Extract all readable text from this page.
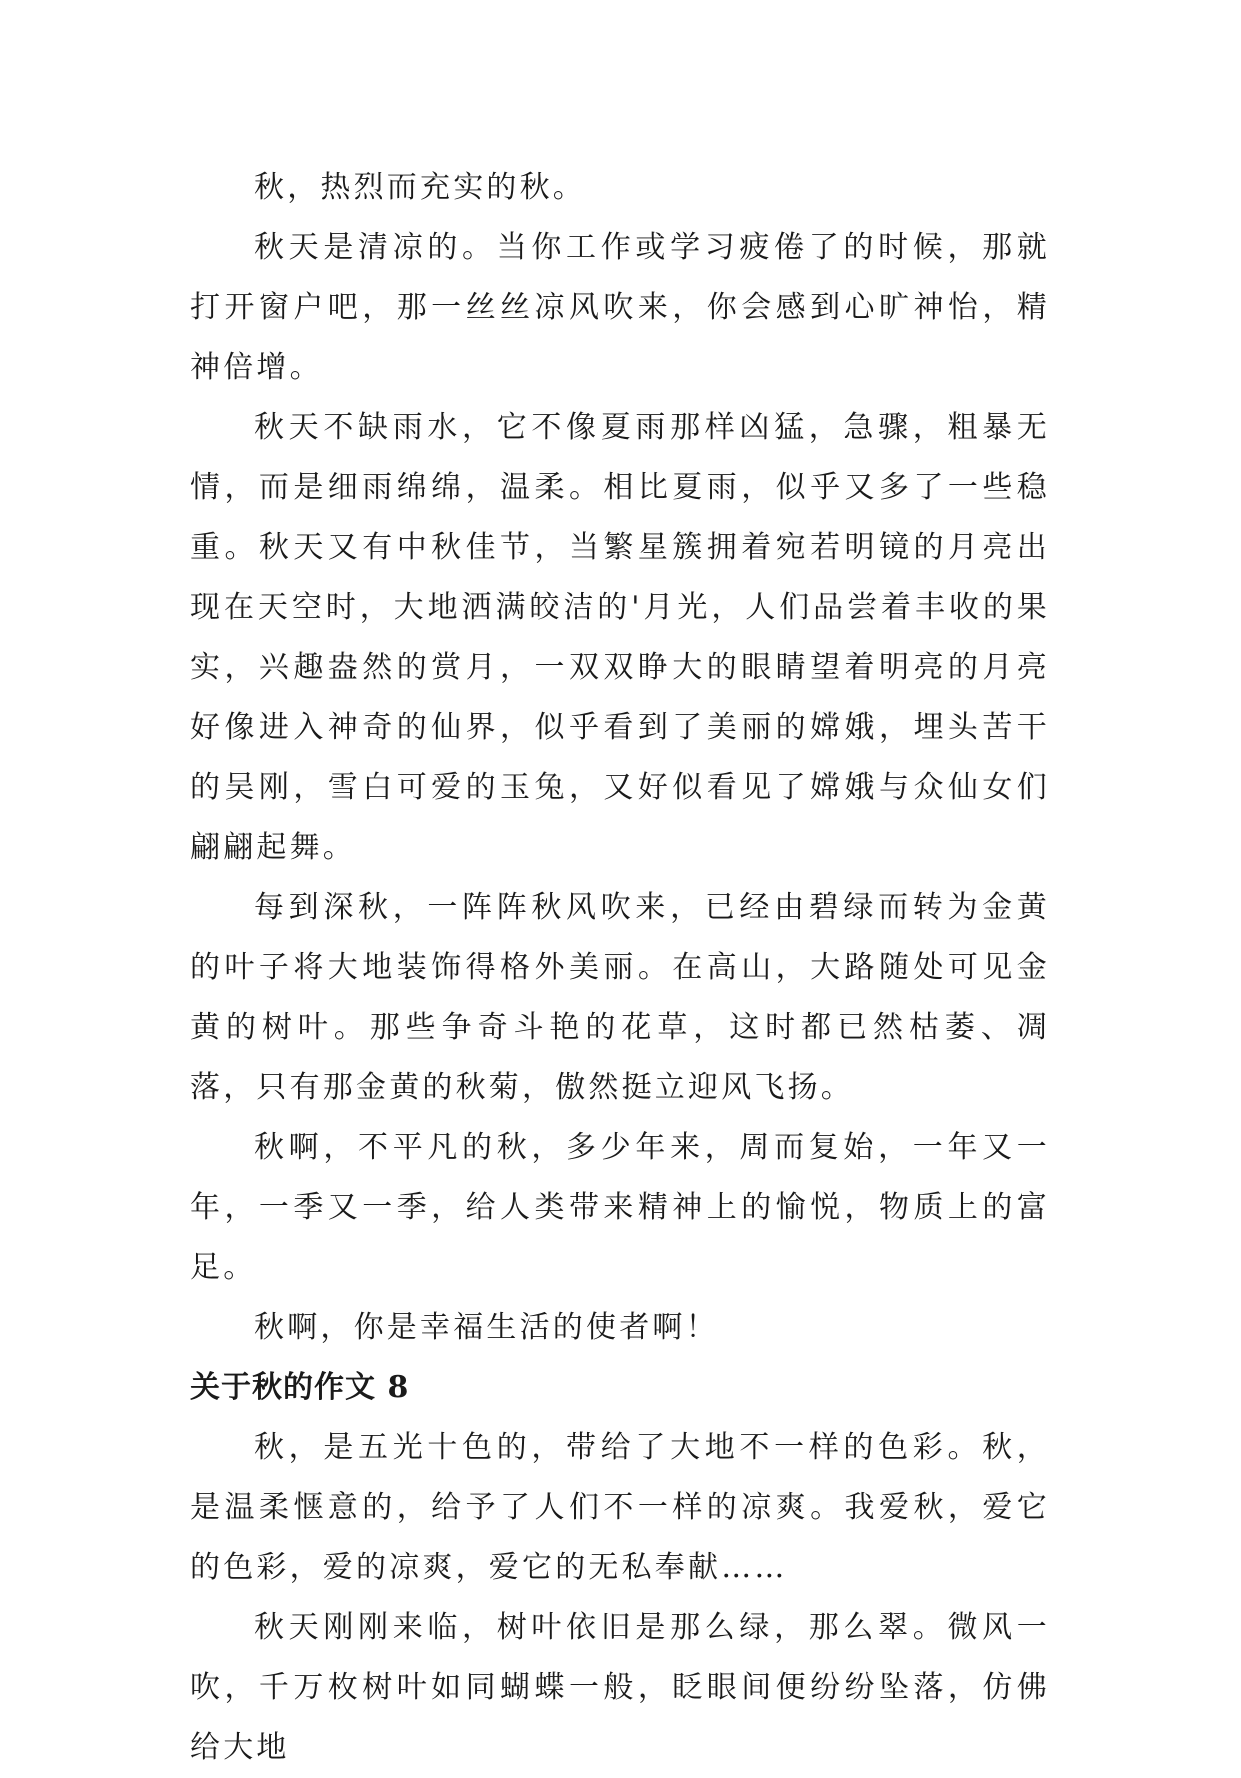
秋，热烈而充实的秋。

秋天是清凉的。当你工作或学习疲倦了的时候，那就打开窗户吧，那一丝丝凉风吹来，你会感到心旷神怡，精神倍增。

秋天不缺雨水，它不像夏雨那样凶猛，急骤，粗暴无情，而是细雨绵绵，温柔。相比夏雨，似乎又多了一些稳重。秋天又有中秋佳节，当繁星簇拥着宛若明镜的月亮出现在天空时，大地洒满皎洁的'月光，人们品尝着丰收的果实，兴趣盎然的赏月，一双双睁大的眼睛望着明亮的月亮好像进入神奇的仙界，似乎看到了美丽的嫦娥，埋头苦干的吴刚，雪白可爱的玉兔，又好似看见了嫦娥与众仙女们翩翩起舞。

每到深秋，一阵阵秋风吹来，已经由碧绿而转为金黄的叶子将大地装饰得格外美丽。在高山，大路随处可见金黄的树叶。那些争奇斗艳的花草，这时都已然枯萎、凋落，只有那金黄的秋菊，傲然挺立迎风飞扬。

秋啊，不平凡的秋，多少年来，周而复始，一年又一年，一季又一季，给人类带来精神上的愉悦，物质上的富足。

秋啊，你是幸福生活的使者啊！

关于秋的作文 8

秋，是五光十色的，带给了大地不一样的色彩。秋，是温柔惬意的，给予了人们不一样的凉爽。我爱秋，爱它的色彩，爱的凉爽，爱它的无私奉献……

秋天刚刚来临，树叶依旧是那么绿，那么翠。微风一吹，千万枚树叶如同蝴蝶一般，眨眼间便纷纷坠落，仿佛给大地
